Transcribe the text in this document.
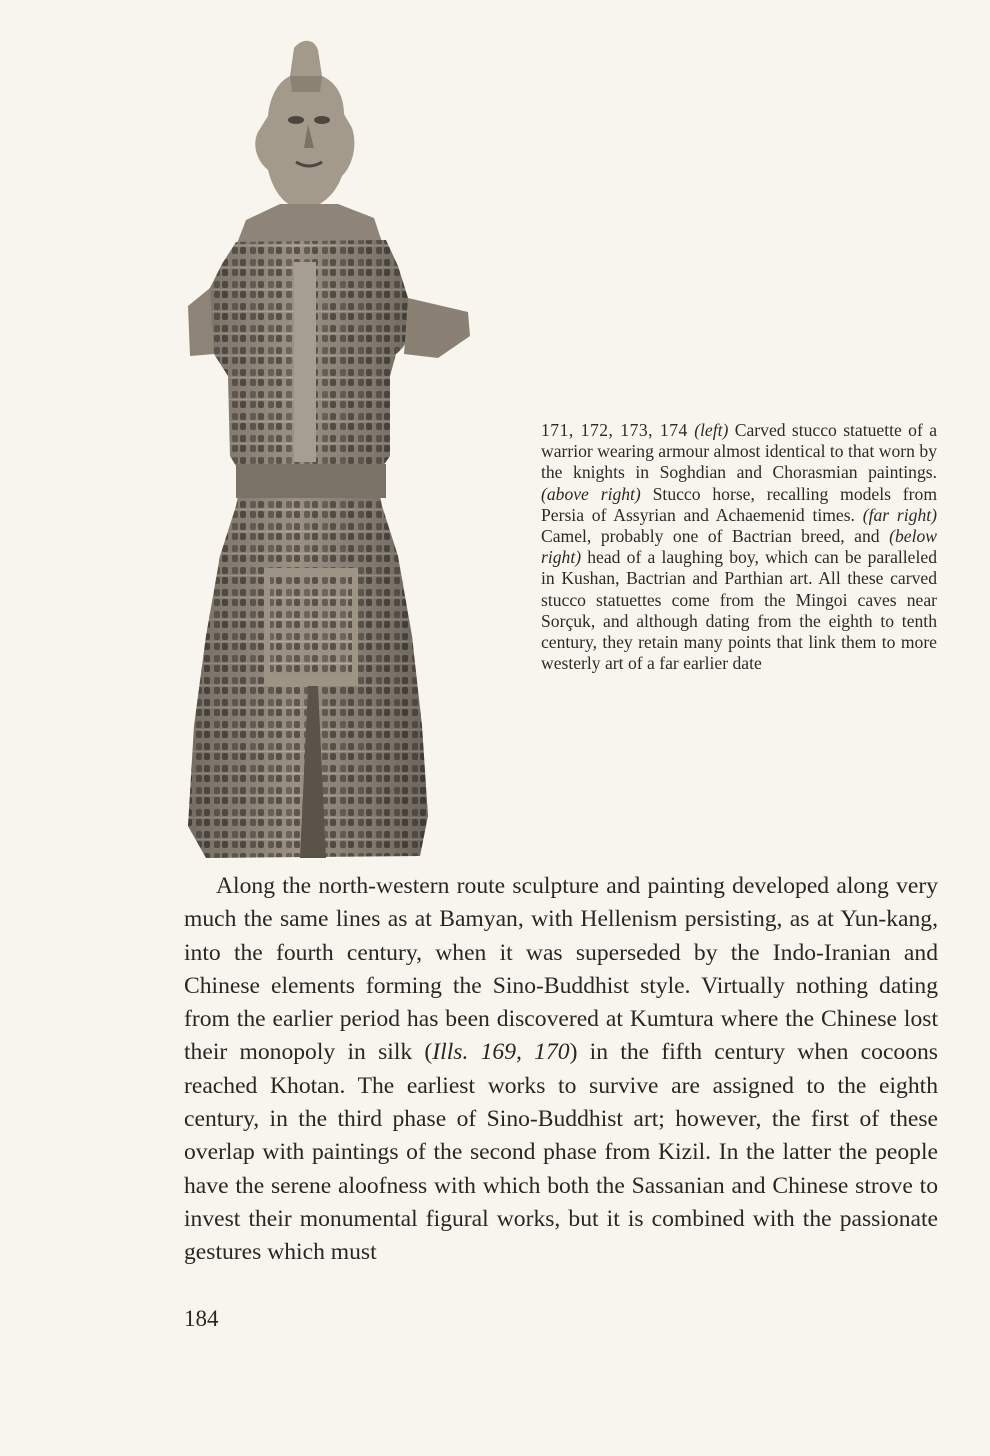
171, 172, 173, 174 (left) Carved stucco statuette of a warrior wearing armour almost identical to that worn by the knights in Soghdian and Chorasmian paintings. (above right) Stucco horse, recalling models from Persia of Assyrian and Achaemenid times. (far right) Camel, probably one of Bactrian breed, and (below right) head of a laughing boy, which can be paralleled in Kushan, Bactrian and Parthian art. All these carved stucco statuettes come from the Mingoi caves near Sorçuk, and although dating from the eighth to tenth century, they retain many points that link them to more westerly art of a far earlier date

Along the north-western route sculpture and painting developed along very much the same lines as at Bamyan, with Hellenism persisting, as at Yun-kang, into the fourth century, when it was superseded by the Indo-Iranian and Chinese elements forming the Sino-Buddhist style. Virtually nothing dating from the earlier period has been discovered at Kumtura where the Chinese lost their monopoly in silk (Ills. 169, 170) in the fifth century when cocoons reached Khotan. The earliest works to survive are assigned to the eighth century, in the third phase of Sino-Buddhist art; however, the first of these overlap with paintings of the second phase from Kizil. In the latter the people have the serene aloofness with which both the Sassanian and Chinese strove to invest their monumental figural works, but it is combined with the passionate gestures which must

184
